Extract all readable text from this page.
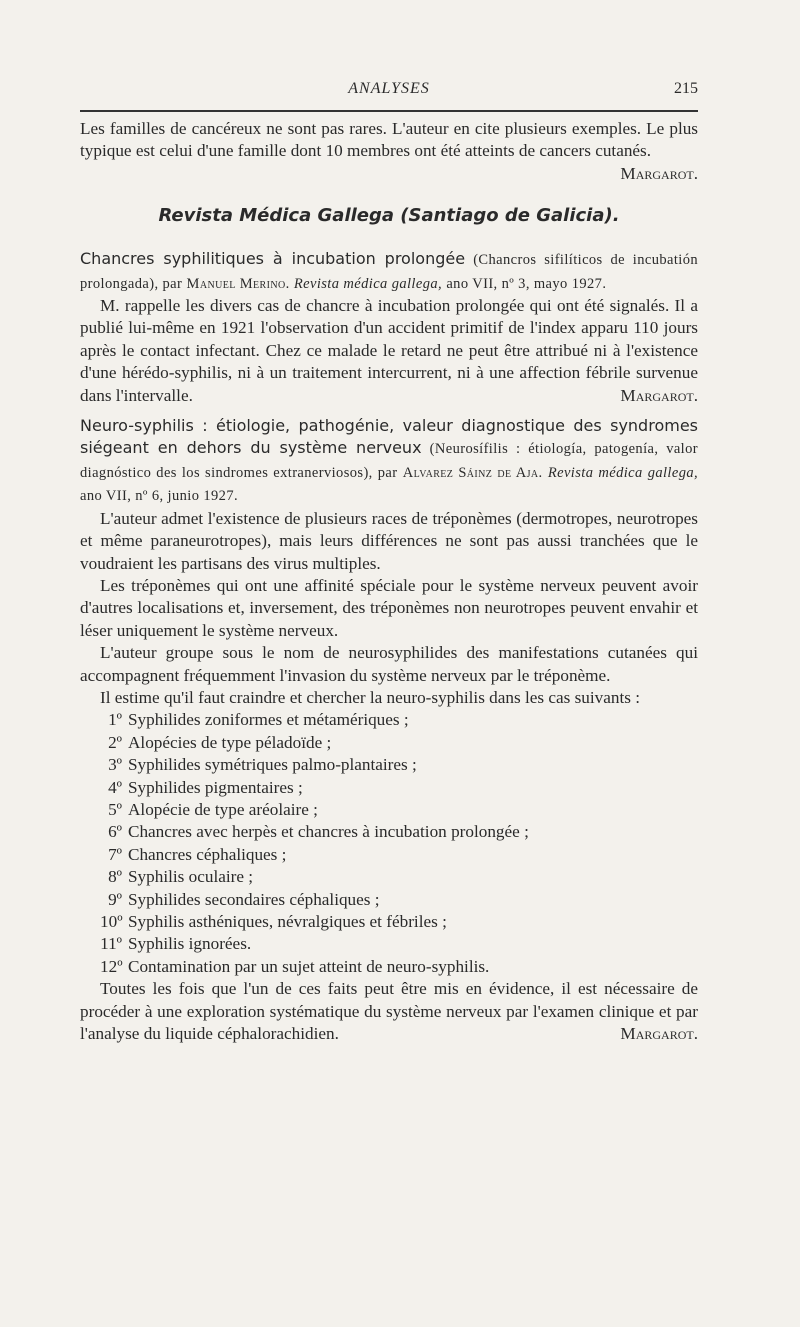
ANALYSES	215

Les familles de cancéreux ne sont pas rares. L'auteur en cite plusieurs exemples. Le plus typique est celui d'une famille dont 10 membres ont été atteints de cancers cutanés.
Margarot.

Revista Médica Gallega (Santiago de Galicia).

Chancres syphilitiques à incubation prolongée (Chancros sifilíticos de incubatión prolongada), par Manuel Merino. Revista médica gallega, ano VII, nº 3, mayo 1927.

M. rappelle les divers cas de chancre à incubation prolongée qui ont été signalés. Il a publié lui-même en 1921 l'observation d'un accident primitif de l'index apparu 110 jours après le contact infectant. Chez ce malade le retard ne peut être attribué ni à l'existence d'une hérédo-syphilis, ni à un traitement intercurrent, ni à une affection fébrile survenue dans l'intervalle.	Margarot.

Neuro-syphilis : étiologie, pathogénie, valeur diagnostique des syndromes siégeant en dehors du système nerveux (Neurosífilis : étiología, patogenía, valor diagnóstico des los sindromes extranerviosos), par Alvarez Sáinz de Aja. Revista médica gallega, ano VII, nº 6, junio 1927.

L'auteur admet l'existence de plusieurs races de tréponèmes (dermotropes, neurotropes et même paraneurotropes), mais leurs différences ne sont pas aussi tranchées que le voudraient les partisans des virus multiples.

Les tréponèmes qui ont une affinité spéciale pour le système nerveux peuvent avoir d'autres localisations et, inversement, des tréponèmes non neurotropes peuvent envahir et léser uniquement le système nerveux.

L'auteur groupe sous le nom de neurosyphilides des manifestations cutanées qui accompagnent fréquemment l'invasion du système nerveux par le tréponème.

Il estime qu'il faut craindre et chercher la neuro-syphilis dans les cas suivants :

1º Syphilides zoniformes et métamériques ;
2º Alopécies de type péladoïde ;
3º Syphilides symétriques palmo-plantaires ;
4º Syphilides pigmentaires ;
5º Alopécie de type aréolaire ;
6º Chancres avec herpès et chancres à incubation prolongée ;
7º Chancres céphaliques ;
8º Syphilis oculaire ;
9º Syphilides secondaires céphaliques ;
10º Syphilis asthéniques, névralgiques et fébriles ;
11º Syphilis ignorées.
12º Contamination par un sujet atteint de neuro-syphilis.

Toutes les fois que l'un de ces faits peut être mis en évidence, il est nécessaire de procéder à une exploration systématique du système nerveux par l'examen clinique et par l'analyse du liquide céphalorachidien.	Margarot.
